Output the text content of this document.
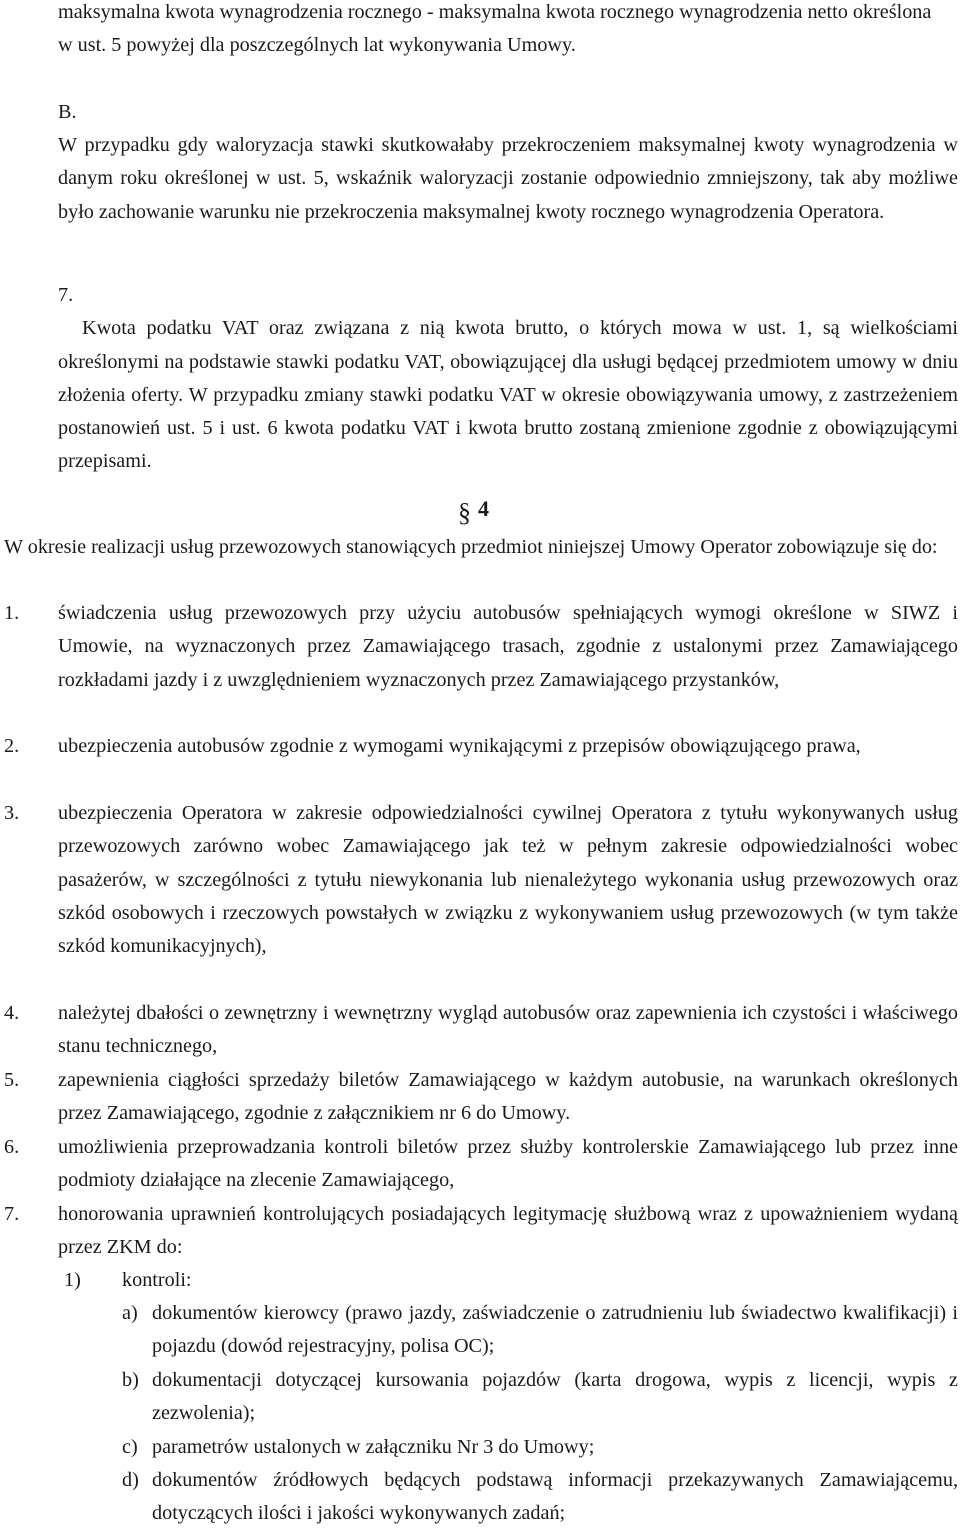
maksymalna kwota wynagrodzenia rocznego - maksymalna kwota rocznego wynagrodzenia netto określona w ust. 5 powyżej dla poszczególnych lat wykonywania Umowy.

B.

W przypadku gdy waloryzacja stawki skutkowałaby przekroczeniem maksymalnej kwoty wynagrodzenia w danym roku określonej w ust. 5, wskaźnik waloryzacji zostanie odpowiednio zmniejszony, tak aby możliwe było zachowanie warunku nie przekroczenia maksymalnej kwoty rocznego wynagrodzenia Operatora.

7.

Kwota podatku VAT oraz związana z nią kwota brutto, o których mowa w ust. 1, są wielkościami określonymi na podstawie stawki podatku VAT, obowiązującej dla usługi będącej przedmiotem umowy w dniu złożenia oferty. W przypadku zmiany stawki podatku VAT w okresie obowiązywania umowy, z zastrzeżeniem postanowień ust. 5 i ust. 6 kwota podatku VAT i kwota brutto zostaną zmienione zgodnie z obowiązującymi przepisami.

§ 4

W okresie realizacji usług przewozowych stanowiących przedmiot niniejszej Umowy Operator zobowiązuje się do:

1. świadczenia usług przewozowych przy użyciu autobusów spełniających wymogi określone w SIWZ i Umowie, na wyznaczonych przez Zamawiającego trasach, zgodnie z ustalonymi przez Zamawiającego rozkładami jazdy i z uwzględnieniem wyznaczonych przez Zamawiającego przystanków,

2. ubezpieczenia autobusów zgodnie z wymogami wynikającymi z przepisów obowiązującego prawa,

3. ubezpieczenia Operatora w zakresie odpowiedzialności cywilnej Operatora z tytułu wykonywanych usług przewozowych zarówno wobec Zamawiającego jak też w pełnym zakresie odpowiedzialności wobec pasażerów, w szczególności z tytułu niewykonania lub nienależytego wykonania usług przewozowych oraz szkód osobowych i rzeczowych powstałych w związku z wykonywaniem usług przewozowych (w tym także szkód komunikacyjnych),

4. należytej dbałości o zewnętrzny i wewnętrzny wygląd autobusów oraz zapewnienia ich czystości i właściwego stanu technicznego,

5. zapewnienia ciągłości sprzedaży biletów Zamawiającego w każdym autobusie, na warunkach określonych przez Zamawiającego, zgodnie z załącznikiem nr 6 do Umowy.

6. umożliwienia przeprowadzania kontroli biletów przez służby kontrolerskie Zamawiającego lub przez inne podmioty działające na zlecenie Zamawiającego,

7. honorowania uprawnień kontrolujących posiadających legitymację służbową wraz z upoważnieniem wydaną przez ZKM do:

1) kontroli:
a) dokumentów kierowcy (prawo jazdy, zaświadczenie o zatrudnieniu lub świadectwo kwalifikacji) i pojazdu (dowód rejestracyjny, polisa OC);

b) dokumentacji dotyczącej kursowania pojazdów (karta drogowa, wypis z licencji, wypis z zezwolenia);

c) parametrów ustalonych w załączniku Nr 3 do Umowy;

d) dokumentów źródłowych będących podstawą informacji przekazywanych Zamawiającemu, dotyczących ilości i jakości wykonywanych zadań;
